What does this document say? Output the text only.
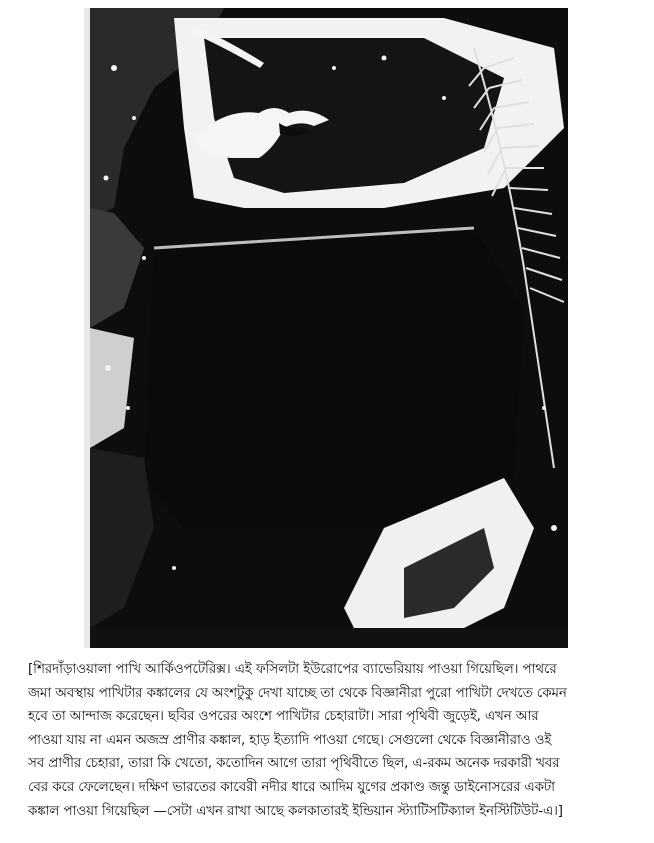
[শিরদাঁড়াওয়ালা পাখি আর্কিওপটেরিক্স। এই ফসিলটা ইউরোপের ব্যাভেরিয়ায় পাওয়া গিয়েছিল। পাথরে
জমা অবস্থায় পাখিটার কঙ্কালের যে অংশটুকু দেখা যাচ্ছে তা থেকে বিজ্ঞানীরা পুরো পাখিটা দেখতে কেমন
হবে তা আন্দাজ করেছেন। ছবির ওপরের অংশে পাখিটার চেহারাটা। সারা পৃথিবী জুড়েই, এখন আর
পাওয়া যায় না এমন অজস্র প্রাণীর কঙ্কাল, হাড় ইত্যাদি পাওয়া গেছে। সেগুলো থেকে বিজ্ঞানীরাও ওই
সব প্রাণীর চেহারা, তারা কি খেতো, কতোদিন আগে তারা পৃথিবীতে ছিল, এ-রকম অনেক দরকারী খবর
বের করে ফেলেছেন। দক্ষিণ ভারতের কাবেরী নদীর ধারে আদিম যুগের প্রকাণ্ড জন্তু ডাইনোসরের একটা
কঙ্কাল পাওয়া গিয়েছিল —সেটা এখন রাখা আছে কলকাতারই ইন্ডিয়ান স্ট্যাটিসটিক্যাল ইনস্টিটিউট-এ।]
